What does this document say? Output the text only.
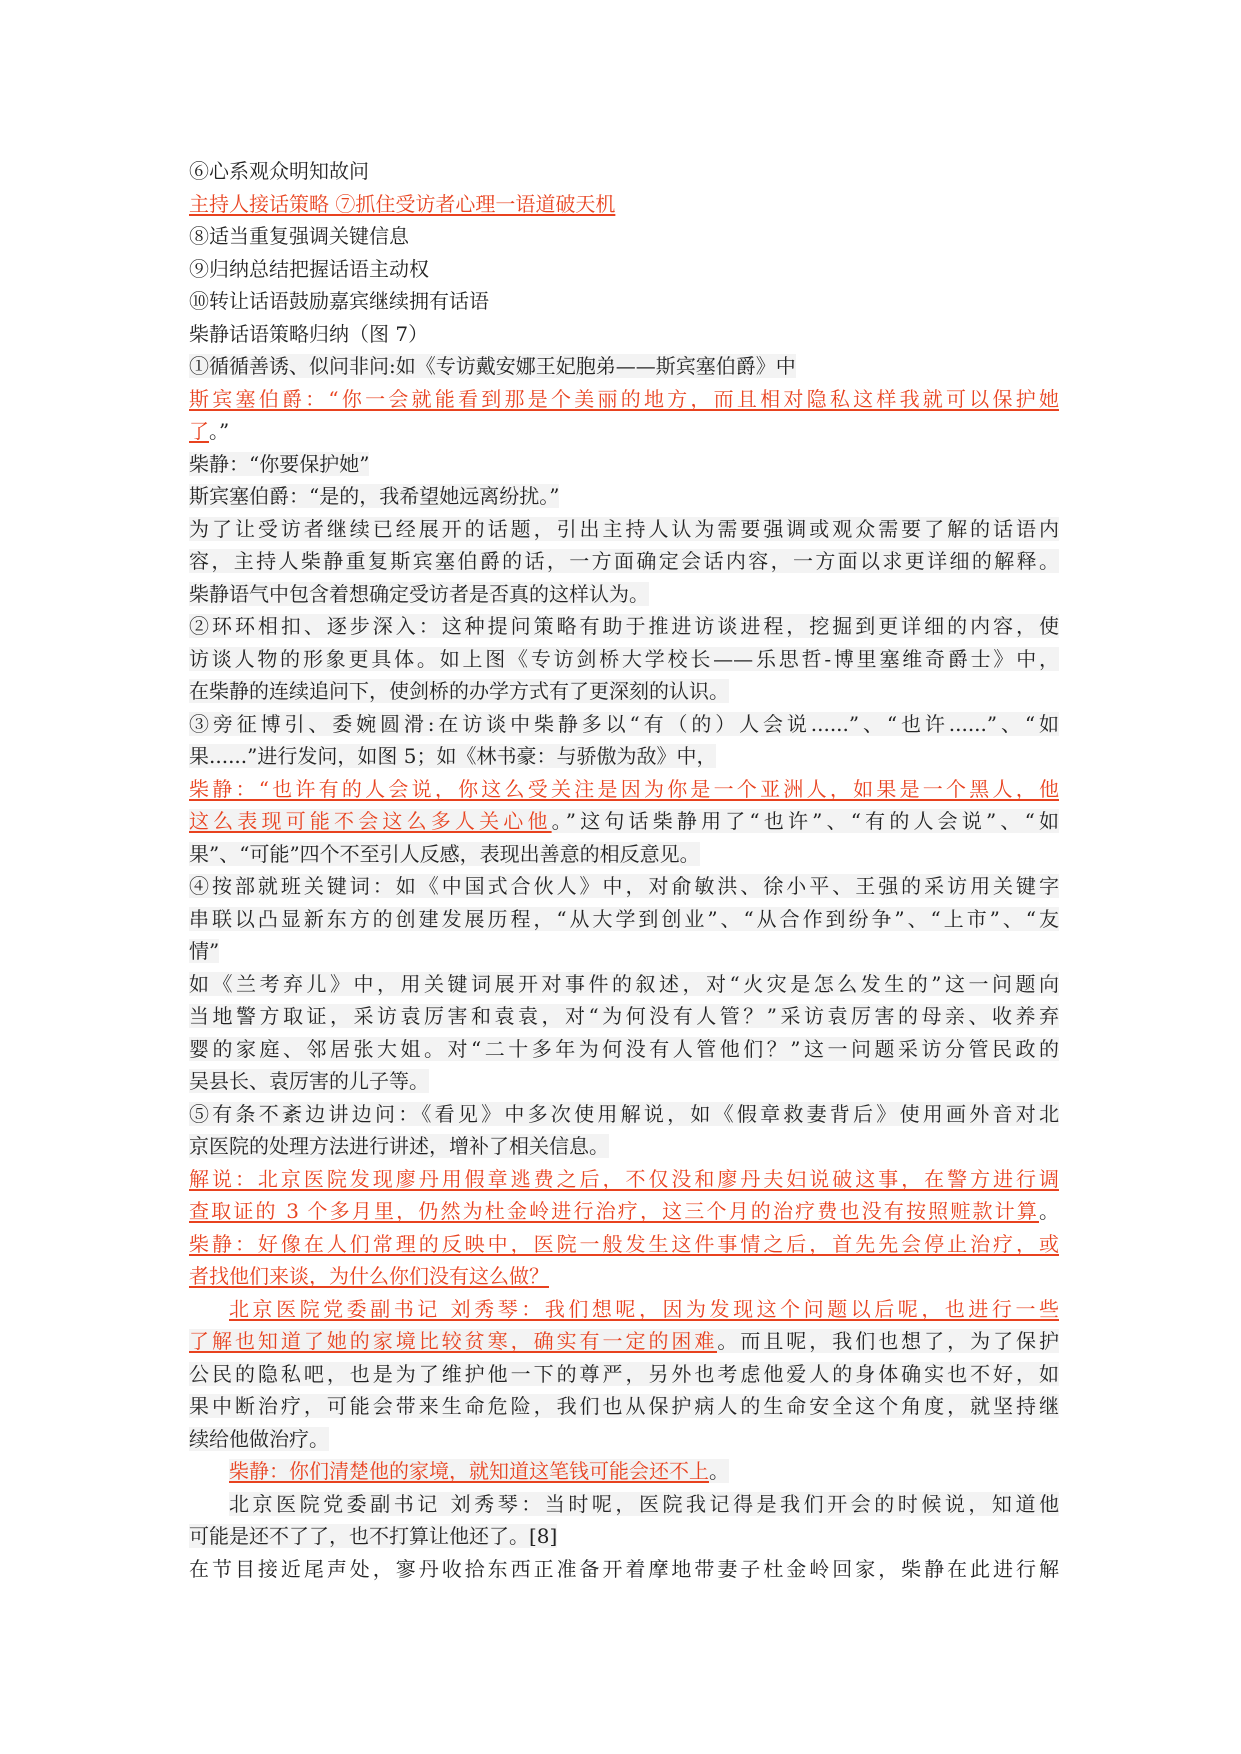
⑥心系观众明知故问
主持人接话策略 ⑦抓住受访者心理一语道破天机
⑧适当重复强调关键信息
⑨归纳总结把握话语主动权
⑩转让话语鼓励嘉宾继续拥有话语
柴静话语策略归纳（图 7）
①循循善诱、似问非问:如《专访戴安娜王妃胞弟——斯宾塞伯爵》中
斯宾塞伯爵：“你一会就能看到那是个美丽的地方，而且相对隐私这样我就可以保护她
了。”
柴静：“你要保护她”
斯宾塞伯爵：“是的，我希望她远离纷扰。”
为了让受访者继续已经展开的话题，引出主持人认为需要强调或观众需要了解的话语内
容，主持人柴静重复斯宾塞伯爵的话，一方面确定会话内容，一方面以求更详细的解释。
柴静语气中包含着想确定受访者是否真的这样认为。
②环环相扣、逐步深入：这种提问策略有助于推进访谈进程，挖掘到更详细的内容，使
访谈人物的形象更具体。如上图《专访剑桥大学校长——乐思哲-博里塞维奇爵士》中，
在柴静的连续追问下，使剑桥的办学方式有了更深刻的认识。
③旁征博引、委婉圆滑:在访谈中柴静多以“有（的）人会说......”、“也许......”、“如
果......”进行发问，如图 5；如《林书豪：与骄傲为敌》中，
柴静：“也许有的人会说，你这么受关注是因为你是一个亚洲人，如果是一个黑人，他
这么表现可能不会这么多人关心他。”这句话柴静用了“也许”、“有的人会说”、“如
果”、“可能”四个不至引人反感，表现出善意的相反意见。
④按部就班关键词：如《中国式合伙人》中，对俞敏洪、徐小平、王强的采访用关键字
串联以凸显新东方的创建发展历程，“从大学到创业”、“从合作到纷争”、“上市”、“友
情”
如《兰考弃儿》中，用关键词展开对事件的叙述，对“火灾是怎么发生的”这一问题向
当地警方取证，采访袁厉害和袁袁，对“为何没有人管？”采访袁厉害的母亲、收养弃
婴的家庭、邻居张大姐。对“二十多年为何没有人管他们？”这一问题采访分管民政的
吴县长、袁厉害的儿子等。
⑤有条不紊边讲边问：《看见》中多次使用解说，如《假章救妻背后》使用画外音对北
京医院的处理方法进行讲述，增补了相关信息。
解说：北京医院发现廖丹用假章逃费之后，不仅没和廖丹夫妇说破这事，在警方进行调
查取证的 3 个多月里，仍然为杜金岭进行治疗，这三个月的治疗费也没有按照赃款计算。
柴静：好像在人们常理的反映中，医院一般发生这件事情之后，首先先会停止治疗，或
者找他们来谈，为什么你们没有这么做？
北京医院党委副书记 刘秀琴：我们想呢，因为发现这个问题以后呢，也进行一些
了解也知道了她的家境比较贫寒，确实有一定的困难。而且呢，我们也想了，为了保护
公民的隐私吧，也是为了维护他一下的尊严，另外也考虑他爱人的身体确实也不好，如
果中断治疗，可能会带来生命危险，我们也从保护病人的生命安全这个角度，就坚持继
续给他做治疗。
柴静：你们清楚他的家境，就知道这笔钱可能会还不上。
北京医院党委副书记 刘秀琴：当时呢，医院我记得是我们开会的时候说，知道他
可能是还不了了，也不打算让他还了。[8]
在节目接近尾声处，寥丹收拾东西正准备开着摩地带妻子杜金岭回家，柴静在此进行解
